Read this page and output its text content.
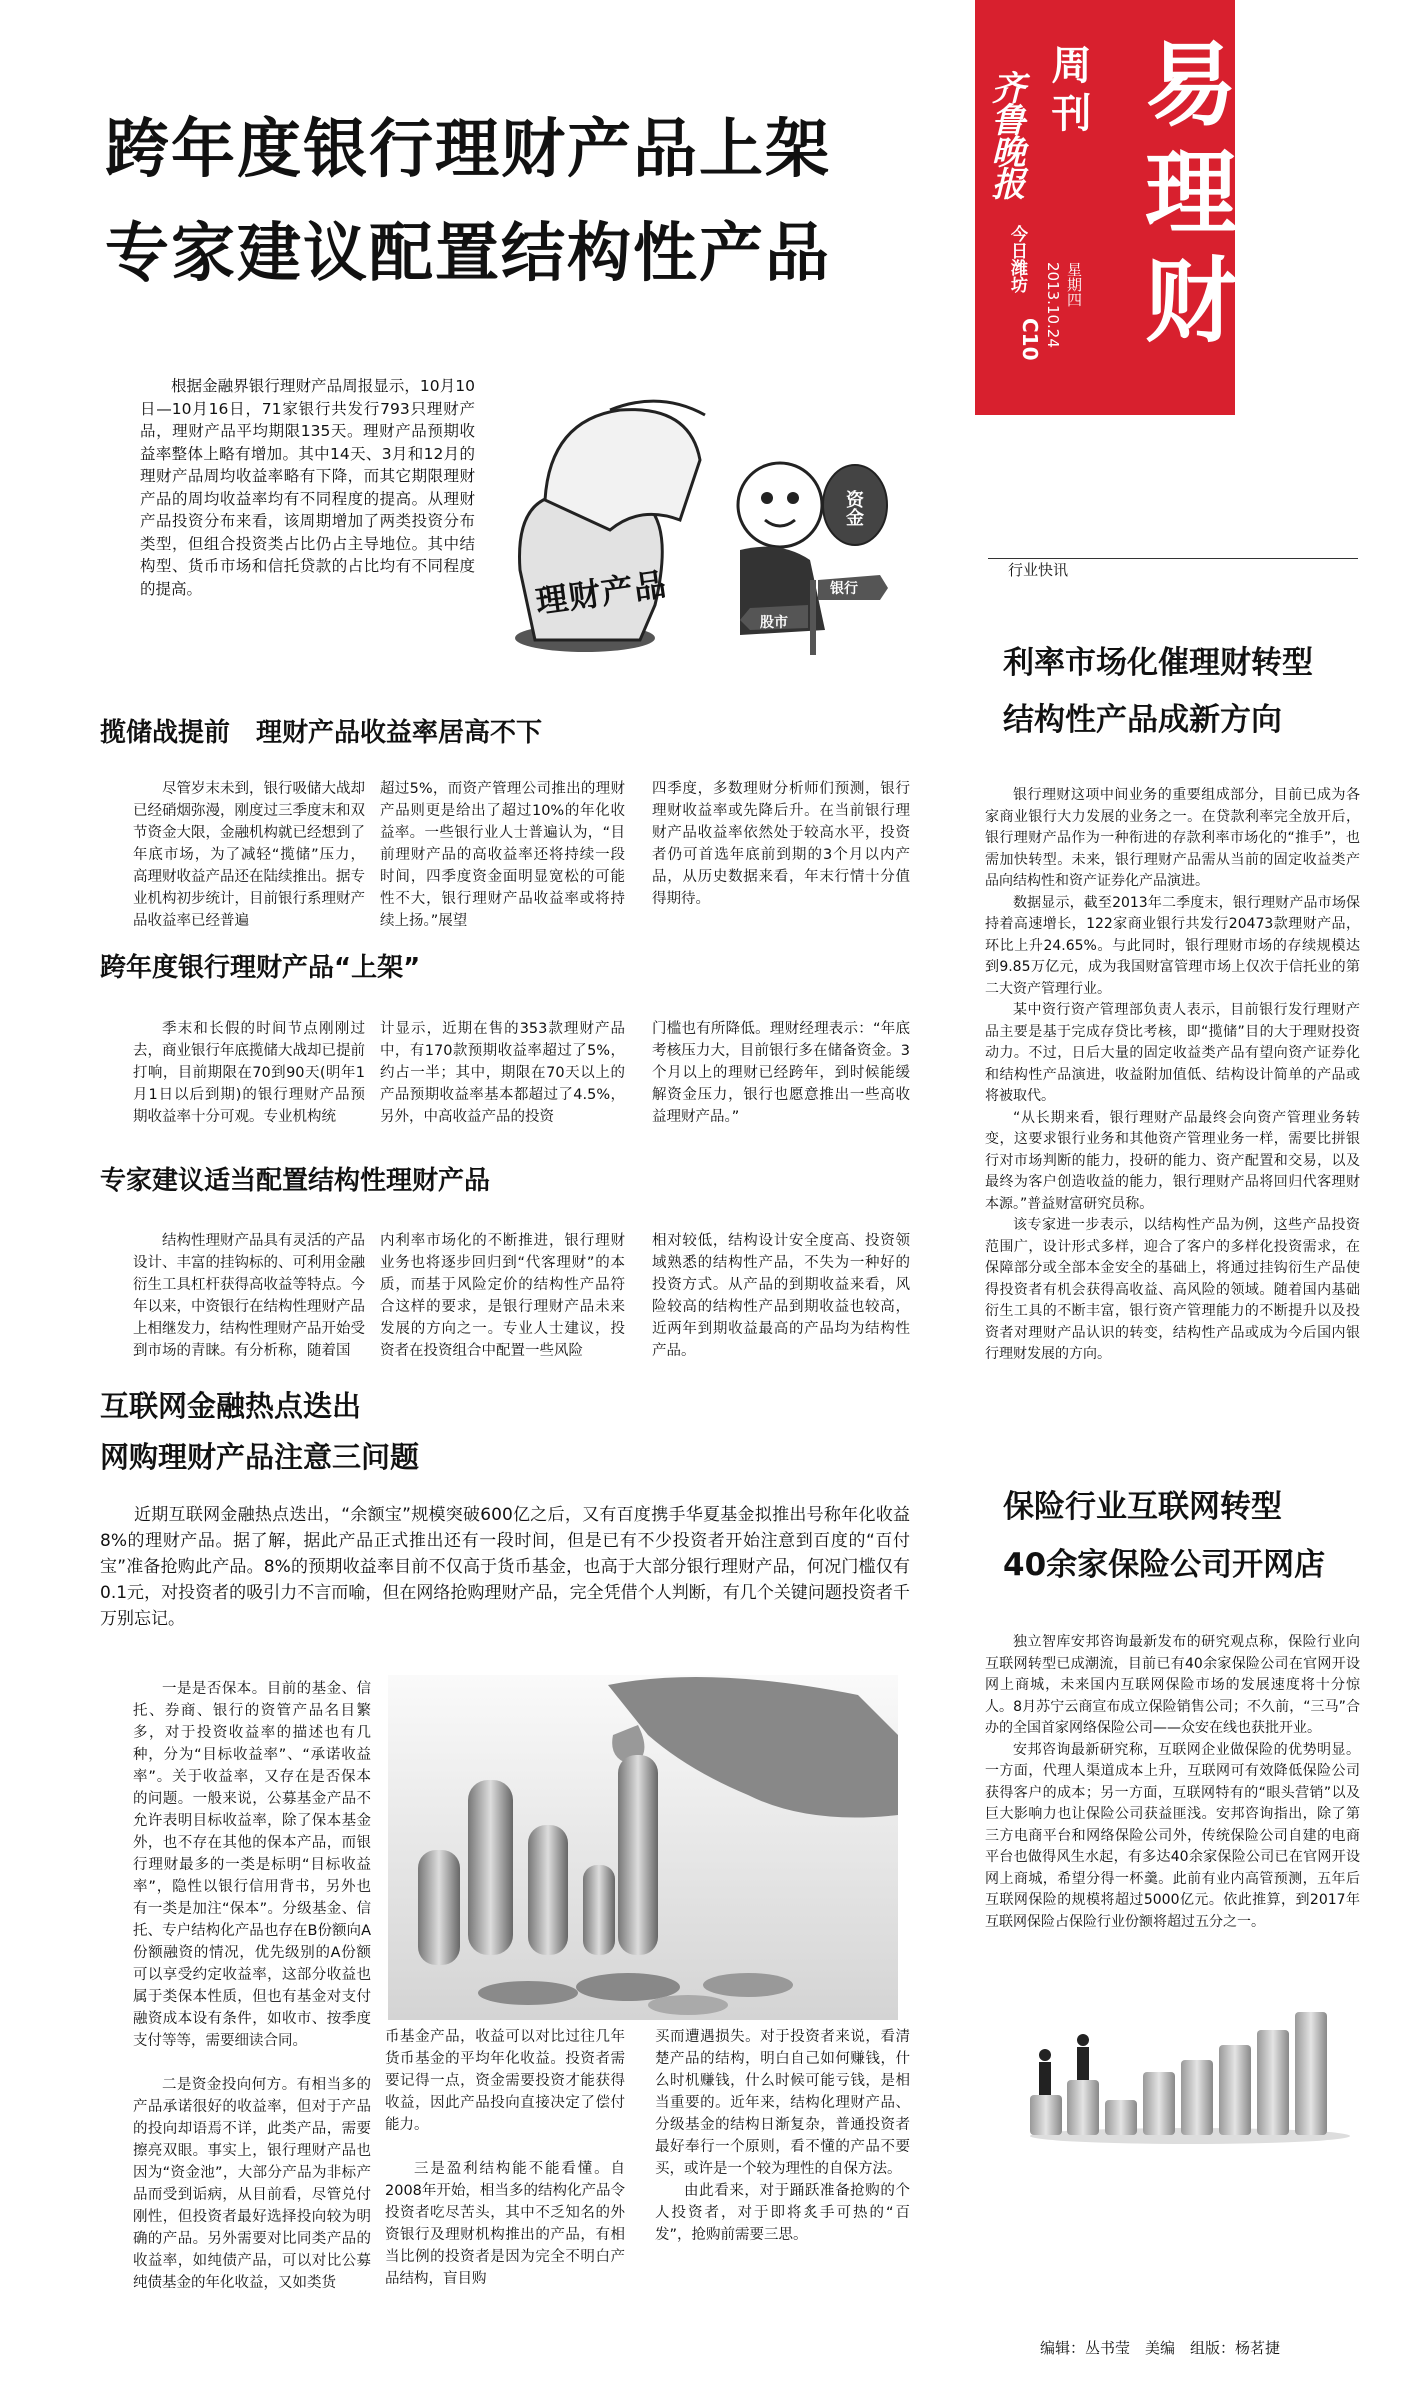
齐鲁晚报
今日潍坊
周刊
星期四
2013.10.24
C10
易
理
财
跨年度银行理财产品上架
专家建议配置结构性产品

根据金融界银行理财产品周报显示，10月10日—10月16日，71家银行共发行793只理财产品，理财产品平均期限135天。理财产品预期收益率整体上略有增加。其中14天、3月和12月的理财产品周均收益率略有下降，而其它期限理财产品的周均收益率均有不同程度的提高。从理财产品投资分布来看，该周期增加了两类投资分布类型，但组合投资类占比仍占主导地位。其中结构型、货币市场和信托贷款的占比均有不同程度的提高。	理财产品
资金
银行
股市
揽储战提前　理财产品收益率居高不下

尽管岁末未到，银行吸储大战却已经硝烟弥漫，刚度过三季度末和双节资金大限，金融机构就已经想到了年底市场，为了减轻“揽储”压力，高理财收益产品还在陆续推出。据专业机构初步统计，目前银行系理财产品收益率已经普遍

超过5%，而资产管理公司推出的理财产品则更是给出了超过10%的年化收益率。一些银行业人士普遍认为，“目前理财产品的高收益率还将持续一段时间，四季度资金面明显宽松的可能性不大，银行理财产品收益率或将持续上扬。”展望

四季度，多数理财分析师们预测，银行理财收益率或先降后升。在当前银行理财产品收益率依然处于较高水平，投资者仍可首选年底前到期的3个月以内产品，从历史数据来看，年末行情十分值得期待。

跨年度银行理财产品“上架”

季末和长假的时间节点刚刚过去，商业银行年底揽储大战却已提前打响，目前期限在70到90天(明年1月1日以后到期)的银行理财产品预期收益率十分可观。专业机构统

计显示，近期在售的353款理财产品中，有170款预期收益率超过了5%，约占一半；其中，期限在70天以上的产品预期收益率基本都超过了4.5%，另外，中高收益产品的投资

门槛也有所降低。理财经理表示：“年底考核压力大，目前银行多在储备资金。3个月以上的理财已经跨年，到时候能缓解资金压力，银行也愿意推出一些高收益理财产品。”

专家建议适当配置结构性理财产品

结构性理财产品具有灵活的产品设计、丰富的挂钩标的、可利用金融衍生工具杠杆获得高收益等特点。今年以来，中资银行在结构性理财产品上相继发力，结构性理财产品开始受到市场的青睐。有分析称，随着国

内利率市场化的不断推进，银行理财业务也将逐步回归到“代客理财”的本质，而基于风险定价的结构性产品符合这样的要求，是银行理财产品未来发展的方向之一。专业人士建议，投资者在投资组合中配置一些风险

相对较低，结构设计安全度高、投资领域熟悉的结构性产品，不失为一种好的投资方式。从产品的到期收益来看，风险较高的结构性产品到期收益也较高，近两年到期收益最高的产品均为结构性产品。

互联网金融热点迭出
网购理财产品注意三问题

近期互联网金融热点迭出，“余额宝”规模突破600亿之后，又有百度携手华夏基金拟推出号称年化收益8%的理财产品。据了解，据此产品正式推出还有一段时间，但是已有不少投资者开始注意到百度的“百付宝”准备抢购此产品。8%的预期收益率目前不仅高于货币基金，也高于大部分银行理财产品，何况门槛仅有0.1元，对投资者的吸引力不言而喻，但在网络抢购理财产品，完全凭借个人判断，有几个关键问题投资者千万别忘记。

一是是否保本。目前的基金、信托、券商、银行的资管产品名目繁多，对于投资收益率的描述也有几种，分为“目标收益率”、“承诺收益率”。关于收益率，又存在是否保本的问题。一般来说，公募基金产品不允许表明目标收益率，除了保本基金外，也不存在其他的保本产品，而银行理财最多的一类是标明“目标收益率”，隐性以银行信用背书，另外也有一类是加注“保本”。分级基金、信托、专户结构化产品也存在B份额向A份额融资的情况，优先级别的A份额可以享受约定收益率，这部分收益也属于类保本性质，但也有基金对支付融资成本设有条件，如收市、按季度支付等等，需要细读合同。

二是资金投向何方。有相当多的产品承诺很好的收益率，但对于产品的投向却语焉不详，此类产品，需要擦亮双眼。事实上，银行理财产品也因为“资金池”，大部分产品为非标产品而受到诟病，从目前看，尽管兑付刚性，但投资者最好选择投向较为明确的产品。另外需要对比同类产品的收益率，如纯债产品，可以对比公募纯债基金的年化收益，又如类货

币基金产品，收益可以对比过往几年货币基金的平均年化收益。投资者需要记得一点，资金需要投资才能获得收益，因此产品投向直接决定了偿付能力。

三是盈利结构能不能看懂。自2008年开始，相当多的结构化产品令投资者吃尽苦头，其中不乏知名的外资银行及理财机构推出的产品，有相当比例的投资者是因为完全不明白产品结构，盲目购

买而遭遇损失。对于投资者来说，看清楚产品的结构，明白自己如何赚钱，什么时机赚钱，什么时候可能亏钱，是相当重要的。近年来，结构化理财产品、分级基金的结构日渐复杂，普通投资者最好奉行一个原则，看不懂的产品不要买，或许是一个较为理性的自保方法。

由此看来，对于踊跃准备抢购的个人投资者，对于即将炙手可热的“百发”，抢购前需要三思。

行业快讯
利率市场化催理财转型
结构性产品成新方向

银行理财这项中间业务的重要组成部分，目前已成为各家商业银行大力发展的业务之一。在贷款利率完全放开后，银行理财产品作为一种衔进的存款利率市场化的“推手”，也需加快转型。未来，银行理财产品需从当前的固定收益类产品向结构性和资产证券化产品演进。

数据显示，截至2013年二季度末，银行理财产品市场保持着高速增长，122家商业银行共发行20473款理财产品，环比上升24.65%。与此同时，银行理财市场的存续规模达到9.85万亿元，成为我国财富管理市场上仅次于信托业的第二大资产管理行业。

某中资行资产管理部负责人表示，目前银行发行理财产品主要是基于完成存贷比考核，即“揽储”目的大于理财投资动力。不过，日后大量的固定收益类产品有望向资产证券化和结构性产品演进，收益附加值低、结构设计简单的产品或将被取代。

“从长期来看，银行理财产品最终会向资产管理业务转变，这要求银行业务和其他资产管理业务一样，需要比拼银行对市场判断的能力，投研的能力、资产配置和交易，以及最终为客户创造收益的能力，银行理财产品将回归代客理财本源。”普益财富研究员称。

该专家进一步表示，以结构性产品为例，这些产品投资范围广，设计形式多样，迎合了客户的多样化投资需求，在保障部分或全部本金安全的基础上，将通过挂钩衍生产品使得投资者有机会获得高收益、高风险的领域。随着国内基础衍生工具的不断丰富，银行资产管理能力的不断提升以及投资者对理财产品认识的转变，结构性产品或成为今后国内银行理财发展的方向。

保险行业互联网转型
40余家保险公司开网店

独立智库安邦咨询最新发布的研究观点称，保险行业向互联网转型已成潮流，目前已有40余家保险公司在官网开设网上商城，未来国内互联网保险市场的发展速度将十分惊人。8月苏宁云商宣布成立保险销售公司；不久前，“三马”合办的全国首家网络保险公司——众安在线也获批开业。

安邦咨询最新研究称，互联网企业做保险的优势明显。一方面，代理人渠道成本上升，互联网可有效降低保险公司获得客户的成本；另一方面，互联网特有的“眼头营销”以及巨大影响力也让保险公司获益匪浅。安邦咨询指出，除了第三方电商平台和网络保险公司外，传统保险公司自建的电商平台也做得风生水起，有多达40余家保险公司已在官网开设网上商城，希望分得一杯羹。此前有业内高管预测，五年后互联网保险的规模将超过5000亿元。依此推算，到2017年互联网保险占保险行业份额将超过五分之一。

编辑：丛书莹　美编　组版：杨茗捷
